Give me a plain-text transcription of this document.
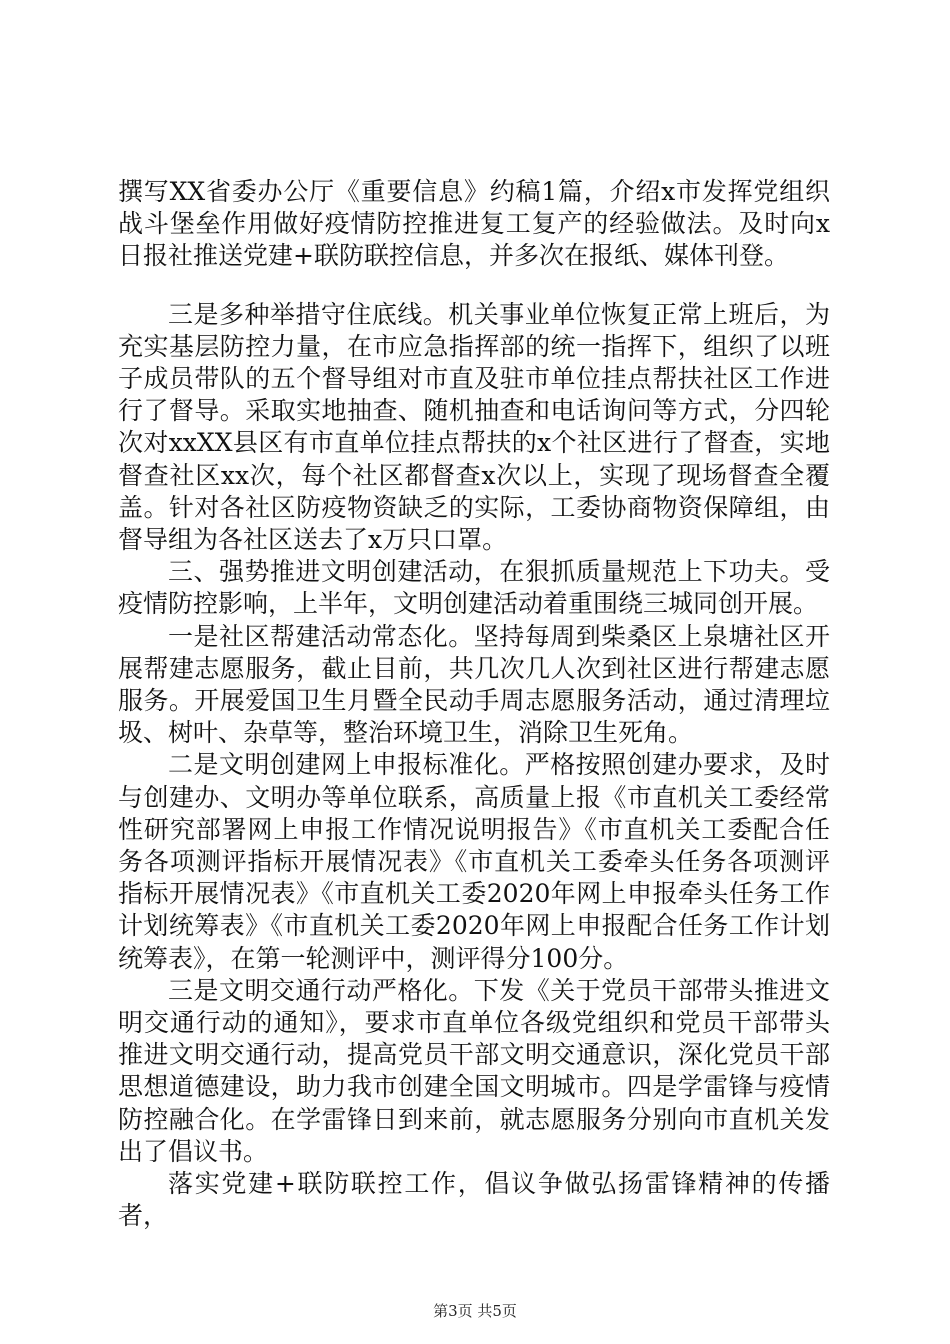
撰写XX省委办公厅《重要信息》约稿1篇，介绍x市发挥党组织战斗堡垒作用做好疫情防控推进复工复产的经验做法。及时向x日报社推送党建+联防联控信息，并多次在报纸、媒体刊登。

三是多种举措守住底线。机关事业单位恢复正常上班后，为充实基层防控力量，在市应急指挥部的统一指挥下，组织了以班子成员带队的五个督导组对市直及驻市单位挂点帮扶社区工作进行了督导。采取实地抽查、随机抽查和电话询问等方式，分四轮次对xxXX县区有市直单位挂点帮扶的x个社区进行了督查，实地督查社区xx次，每个社区都督查x次以上，实现了现场督查全覆盖。针对各社区防疫物资缺乏的实际，工委协商物资保障组，由督导组为各社区送去了x万只口罩。

三、强势推进文明创建活动，在狠抓质量规范上下功夫。受疫情防控影响，上半年，文明创建活动着重围绕三城同创开展。

一是社区帮建活动常态化。坚持每周到柴桑区上泉塘社区开展帮建志愿服务，截止目前，共几次几人次到社区进行帮建志愿服务。开展爱国卫生月暨全民动手周志愿服务活动，通过清理垃圾、树叶、杂草等，整治环境卫生，消除卫生死角。

二是文明创建网上申报标准化。严格按照创建办要求，及时与创建办、文明办等单位联系，高质量上报《市直机关工委经常性研究部署网上申报工作情况说明报告》《市直机关工委配合任务各项测评指标开展情况表》《市直机关工委牵头任务各项测评指标开展情况表》《市直机关工委2020年网上申报牵头任务工作计划统筹表》《市直机关工委2020年网上申报配合任务工作计划统筹表》，在第一轮测评中，测评得分100分。

三是文明交通行动严格化。下发《关于党员干部带头推进文明交通行动的通知》，要求市直单位各级党组织和党员干部带头推进文明交通行动，提高党员干部文明交通意识，深化党员干部思想道德建设，助力我市创建全国文明城市。四是学雷锋与疫情防控融合化。在学雷锋日到来前，就志愿服务分别向市直机关发出了倡议书。

落实党建+联防联控工作，倡议争做弘扬雷锋精神的传播者，

第3页 共5页
